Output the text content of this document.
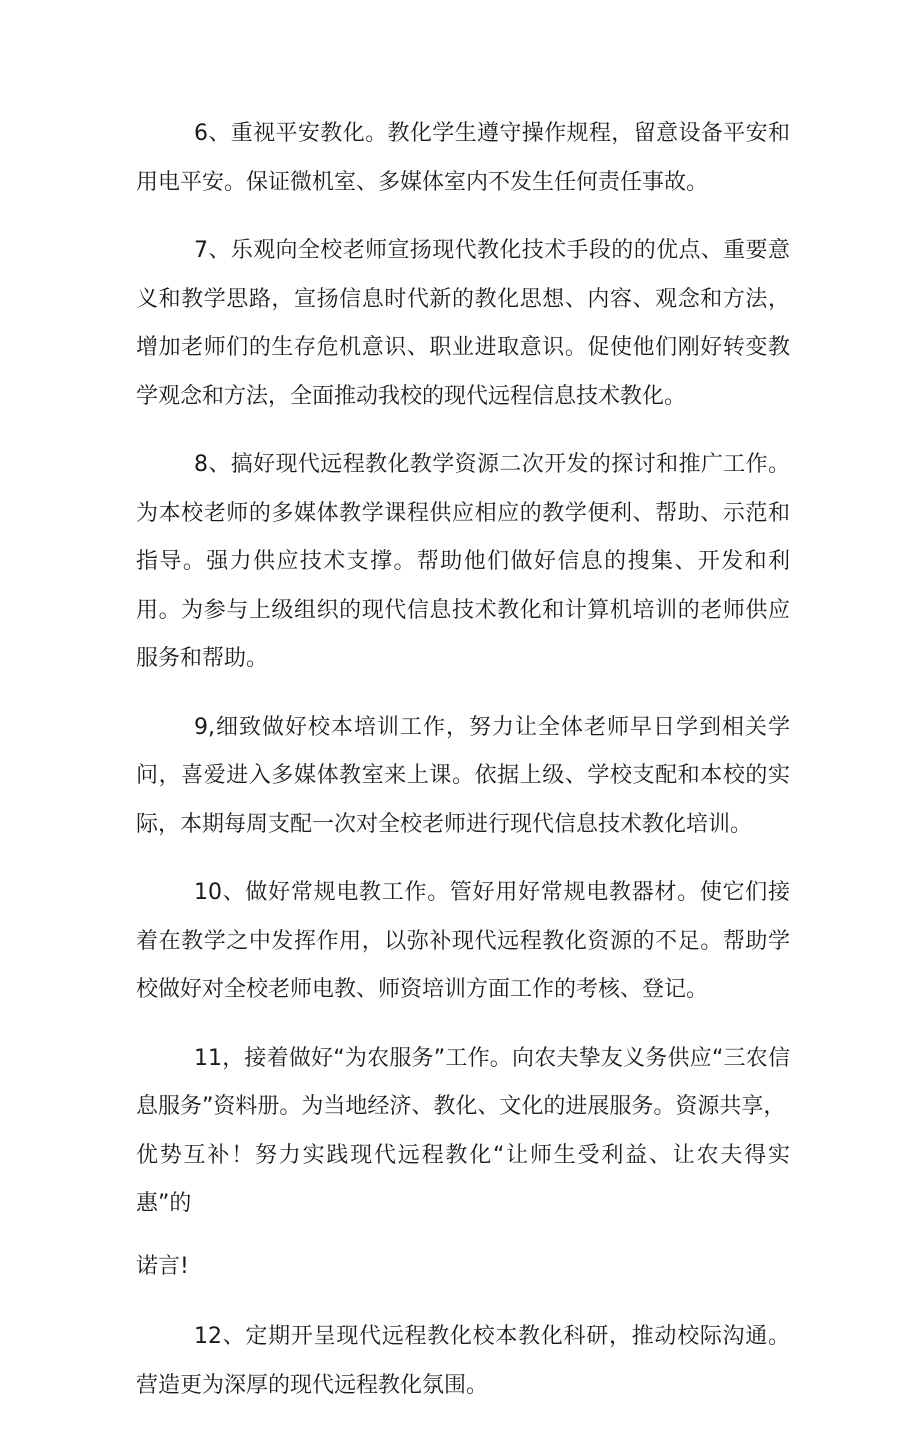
6、重视平安教化。教化学生遵守操作规程，留意设备平安和用电平安。保证微机室、多媒体室内不发生任何责任事故。

7、乐观向全校老师宣扬现代教化技术手段的的优点、重要意义和教学思路，宣扬信息时代新的教化思想、内容、观念和方法，增加老师们的生存危机意识、职业进取意识。促使他们刚好转变教学观念和方法，全面推动我校的现代远程信息技术教化。

8、搞好现代远程教化教学资源二次开发的探讨和推广工作。为本校老师的多媒体教学课程供应相应的教学便利、帮助、示范和指导。强力供应技术支撑。帮助他们做好信息的搜集、开发和利用。为参与上级组织的现代信息技术教化和计算机培训的老师供应服务和帮助。

9,细致做好校本培训工作，努力让全体老师早日学到相关学问，喜爱进入多媒体教室来上课。依据上级、学校支配和本校的实际，本期每周支配一次对全校老师进行现代信息技术教化培训。

10、做好常规电教工作。管好用好常规电教器材。使它们接着在教学之中发挥作用，以弥补现代远程教化资源的不足。帮助学校做好对全校老师电教、师资培训方面工作的考核、登记。

11，接着做好“为农服务”工作。向农夫挚友义务供应“三农信息服务”资料册。为当地经济、教化、文化的进展服务。资源共享，
优势互补！努力实践现代远程教化“让师生受利益、让农夫得实惠”的
诺言!

12、定期开呈现代远程教化校本教化科研，推动校际沟通。营造更为深厚的现代远程教化氛围。
